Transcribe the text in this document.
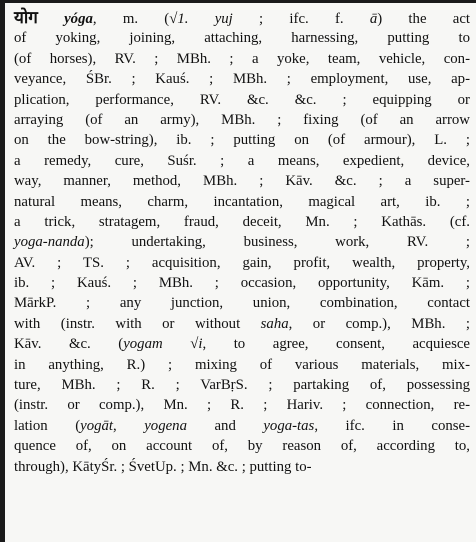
योग yóga, m. (√1. yuj ; ifc. f. ā) the act
of yoking, joining, attaching, harnessing, putting to
(of horses), RV. ; MBh. ; a yoke, team, vehicle, con-
veyance, ŚBr. ; Kauś. ; MBh. ; employment, use, ap-
plication, performance, RV. &c. &c. ; equipping or
arraying (of an army), MBh. ; fixing (of an arrow
on the bow-string), ib. ; putting on (of armour), L. ;
a remedy, cure, Suśr. ; a means, expedient, device,
way, manner, method, MBh. ; Kāv. &c. ; a super-
natural means, charm, incantation, magical art, ib. ;
a trick, stratagem, fraud, deceit, Mn. ; Kathās. (cf.
yoga-nanda); undertaking, business, work, RV. ;
AV. ; TS. ; acquisition, gain, profit, wealth, property,
ib. ; Kauś. ; MBh. ; occasion, opportunity, Kām. ;
MārkP. ; any junction, union, combination, contact
with (instr. with or without saha, or comp.), MBh. ;
Kāv. &c. (yogam √i, to agree, consent, acquiesce
in anything, R.) ; mixing of various materials, mix-
ture, MBh. ; R. ; VarBṛS. ; partaking of, possessing
(instr. or comp.), Mn. ; R. ; Hariv. ; connection, re-
lation (yogāt, yogena and yoga-tas, ifc. in conse-
quence of, on account of, by reason of, according to,
through), KātyŚr. ; ŚvetUp. ; Mn. &c. ; putting to-
